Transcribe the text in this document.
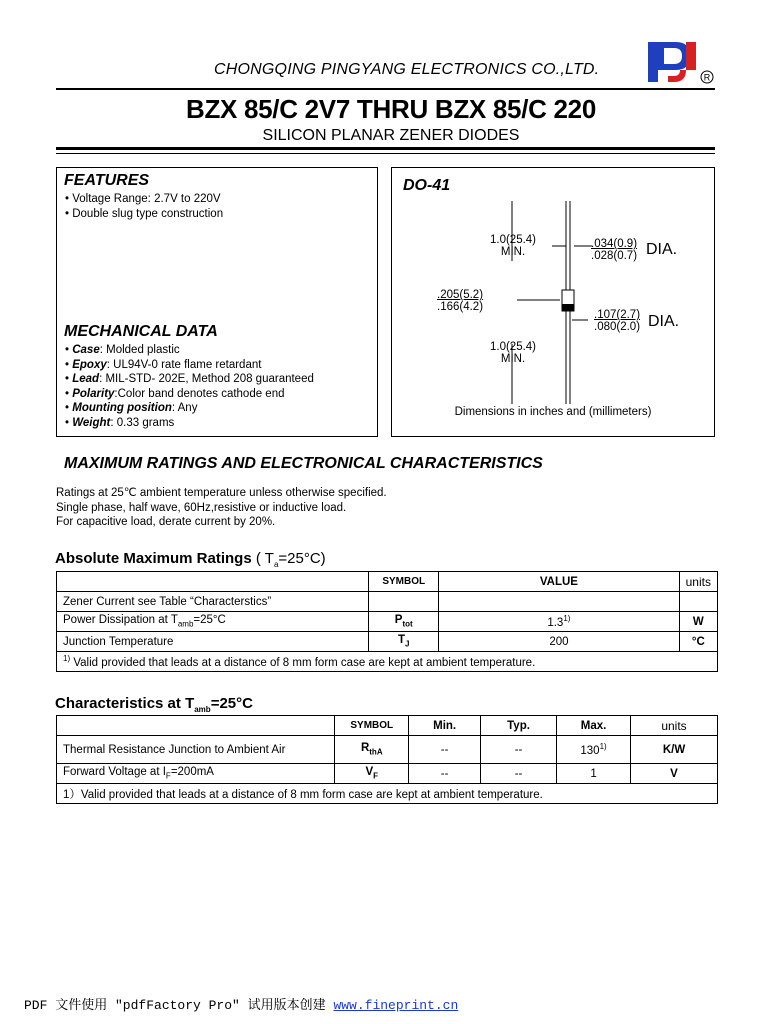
CHONGQING PINGYANG ELECTRONICS CO.,LTD.	R
BZX 85/C 2V7 THRU BZX 85/C 220
SILICON PLANAR ZENER DIODES
FEATURES
• Voltage Range: 2.7V to 220V
• Double slug type construction
MECHANICAL DATA
• Case: Molded plastic
• Epoxy: UL94V-0 rate flame retardant
• Lead: MIL-STD- 202E, Method 208 guaranteed
• Polarity:Color band denotes cathode end
• Mounting position: Any
• Weight: 0.33 grams
DO-41
1.0(25.4)
MIN.
.034(0.9)
.028(0.7) DIA.
.205(5.2)
.166(4.2)
.107(2.7)
.080(2.0) DIA.
1.0(25.4)
MIN.
Dimensions in inches and (millimeters)
MAXIMUM RATINGS AND ELECTRONICAL CHARACTERISTICS
Ratings at 25℃ ambient temperature unless otherwise specified.
Single phase, half wave, 60Hz,resistive or inductive load.
For capacitive load, derate current by 20%.
Absolute Maximum Ratings ( $T_a=25^\circ C$)
	SYMBOL	VALUE	units
Zener Current see Table “Characterstics”			
Power Dissipation at $T_{amb}=25^\circ C$	$P_{tot}$	1.3$^{1)}$	W
Junction Temperature	$T_J$	200	°C
$^{1)}$ Valid provided that leads at a distance of 8 mm form case are kept at ambient temperature.			
Characteristics at $T_{amb}=25^\circ C$
	SYMBOL	Min.	Typ.	Max.	units
Thermal Resistance Junction to Ambient Air	$R_{thA}$	--	--	130$^{1)}$	K/W
Forward Voltage at $I_F=200mA$	$V_F$	--	--	1	V
1）Valid provided that leads at a distance of 8 mm form case are kept at ambient temperature.					
PDF 文件使用 "pdfFactory Pro" 试用版本创建 www.fineprint.cn
